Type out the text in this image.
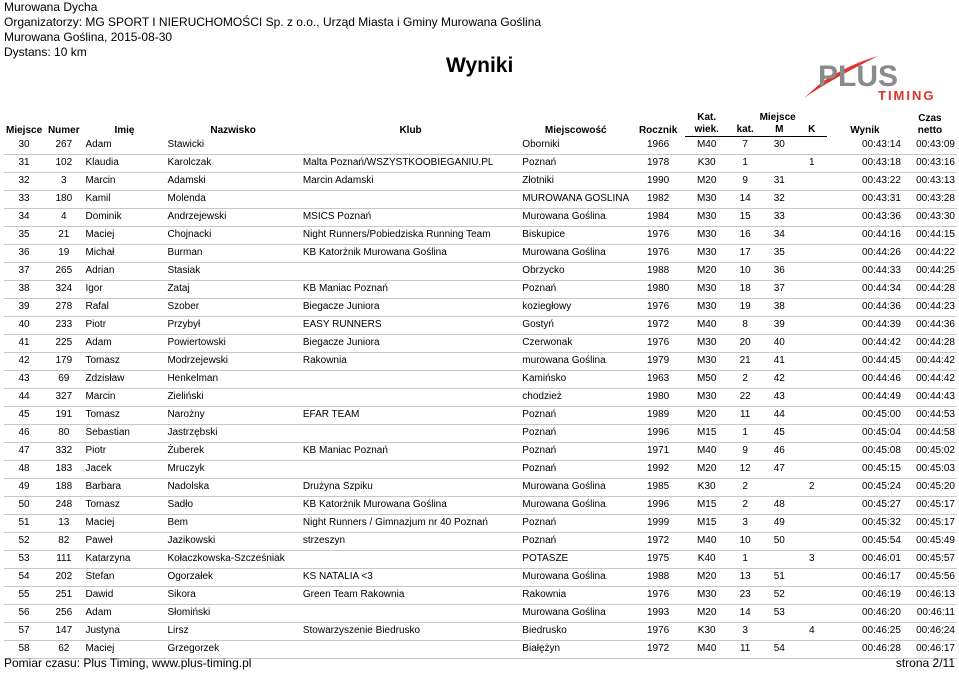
Murowana Dycha
Organizatorzy: MG SPORT I NIERUCHOMOŚCI Sp. z o.o., Urząd Miasta i Gminy Murowana Goślina
Murowana Goślina, 2015-08-30
Dystans: 10 km
Wyniki	PLUS
TIMING
Miejsce	Numer	Imię	Nazwisko	Klub	Miejscowość	Rocznik	Kat.	Miejsce			Wynik	Czas netto
							wiek.	kat.	M	K		
30	267	Adam	Stawicki		Oborniki	1966	M40	7	30		00:43:14	00:43:09
31	102	Klaudia	Karolczak	Malta Poznań/WSZYSTKOOBIEGANIU.PL	Poznań	1978	K30	1		1	00:43:18	00:43:16
32	3	Marcin	Adamski	Marcin Adamski	Złotniki	1990	M20	9	31		00:43:22	00:43:13
33	180	Kamil	Molenda		MUROWANA GOSLINA	1982	M30	14	32		00:43:31	00:43:28
34	4	Dominik	Andrzejewski	MSICS Poznań	Murowana Goślina	1984	M30	15	33		00:43:36	00:43:30
35	21	Maciej	Chojnacki	Night Runners/Pobiedziska Running Team	Biskupice	1976	M30	16	34		00:44:16	00:44:15
36	19	Michał	Burman	KB Katorżnik Murowana Goślina	Murowana Goślina	1976	M30	17	35		00:44:26	00:44:22
37	265	Adrian	Stasiak		Obrzycko	1988	M20	10	36		00:44:33	00:44:25
38	324	Igor	Zataj	KB Maniac Poznań	Poznań	1980	M30	18	37		00:44:34	00:44:28
39	278	Rafal	Szober	Biegacze Juniora	koziegłowy	1976	M30	19	38		00:44:36	00:44:23
40	233	Piotr	Przybył	EASY RUNNERS	Gostyń	1972	M40	8	39		00:44:39	00:44:36
41	225	Adam	Powiertowski	Biegacze Juniora	Czerwonak	1976	M30	20	40		00:44:42	00:44:28
42	179	Tomasz	Modrzejewski	Rakownia	murowana Goślina	1979	M30	21	41		00:44:45	00:44:42
43	69	Zdzisław	Henkelman		Kamińsko	1963	M50	2	42		00:44:46	00:44:42
44	327	Marcin	Zieliński		chodzież	1980	M30	22	43		00:44:49	00:44:43
45	191	Tomasz	Narożny	EFAR TEAM	Poznań	1989	M20	11	44		00:45:00	00:44:53
46	80	Sebastian	Jastrzębski		Poznań	1996	M15	1	45		00:45:04	00:44:58
47	332	Piotr	Żuberek	KB Maniac Poznań	Poznań	1971	M40	9	46		00:45:08	00:45:02
48	183	Jacek	Mruczyk		Poznań	1992	M20	12	47		00:45:15	00:45:03
49	188	Barbara	Nadolska	Drużyna Szpiku	Murowana Goślina	1985	K30	2		2	00:45:24	00:45:20
50	248	Tomasz	Sadło	KB Katorżnik Murowana Goślina	Murowana Goślina	1996	M15	2	48		00:45:27	00:45:17
51	13	Maciej	Bem	Night Runners / Gimnazjum nr 40 Poznań	Poznań	1999	M15	3	49		00:45:32	00:45:17
52	82	Paweł	Jazikowski	strzeszyn	Poznań	1972	M40	10	50		00:45:54	00:45:49
53	111	Katarzyna	Kołaczkowska-Szcześniak		POTASZE	1975	K40	1		3	00:46:01	00:45:57
54	202	Stefan	Ogorzałek	KS NATALIA <3	Murowana Goślina	1988	M20	13	51		00:46:17	00:45:56
55	251	Dawid	Sikora	Green Team Rakownia	Rakownia	1976	M30	23	52		00:46:19	00:46:13
56	256	Adam	Słomiński		Murowana Goślina	1993	M20	14	53		00:46:20	00:46:11
57	147	Justyna	Lirsz	Stowarzyszenie Biedrusko	Biedrusko	1976	K30	3		4	00:46:25	00:46:24
58	62	Maciej	Grzegorzek		Białężyn	1972	M40	11	54		00:46:28	00:46:17
Pomiar czasu: Plus Timing, www.plus-timing.pl	strona 2/11
